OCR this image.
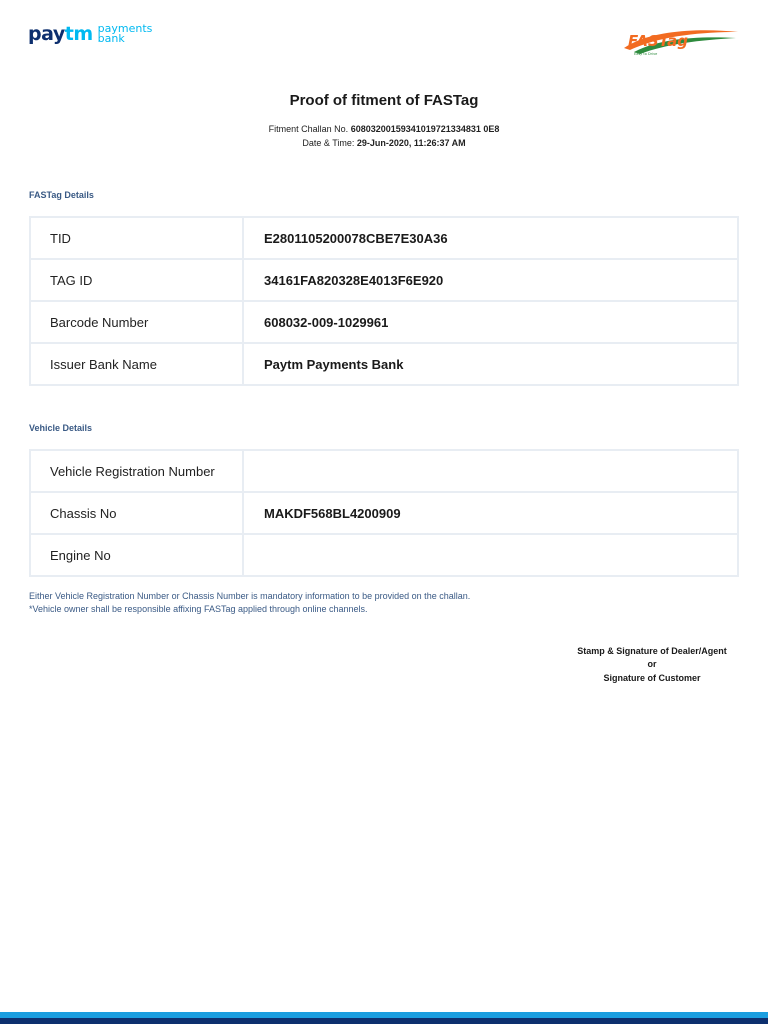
paytm payments
bank	FASTag
Easy to Drive
Proof of fitment of FASTag
Fitment Challan No. 60803200159341019721334831 0E8
Date & Time: 29-Jun-2020, 11:26:37 AM
FASTag Details
TID	E2801105200078CBE7E30A36
TAG ID	34161FA820328E4013F6E920
Barcode Number	608032-009-1029961
Issuer Bank Name	Paytm Payments Bank
Vehicle Details
Vehicle Registration Number	
Chassis No	MAKDF568BL4200909
Engine No	
Either Vehicle Registration Number or Chassis Number is mandatory information to be provided on the challan.
*Vehicle owner shall be responsible affixing FASTag applied through online channels.
Stamp & Signature of Dealer/Agent
or
Signature of Customer
